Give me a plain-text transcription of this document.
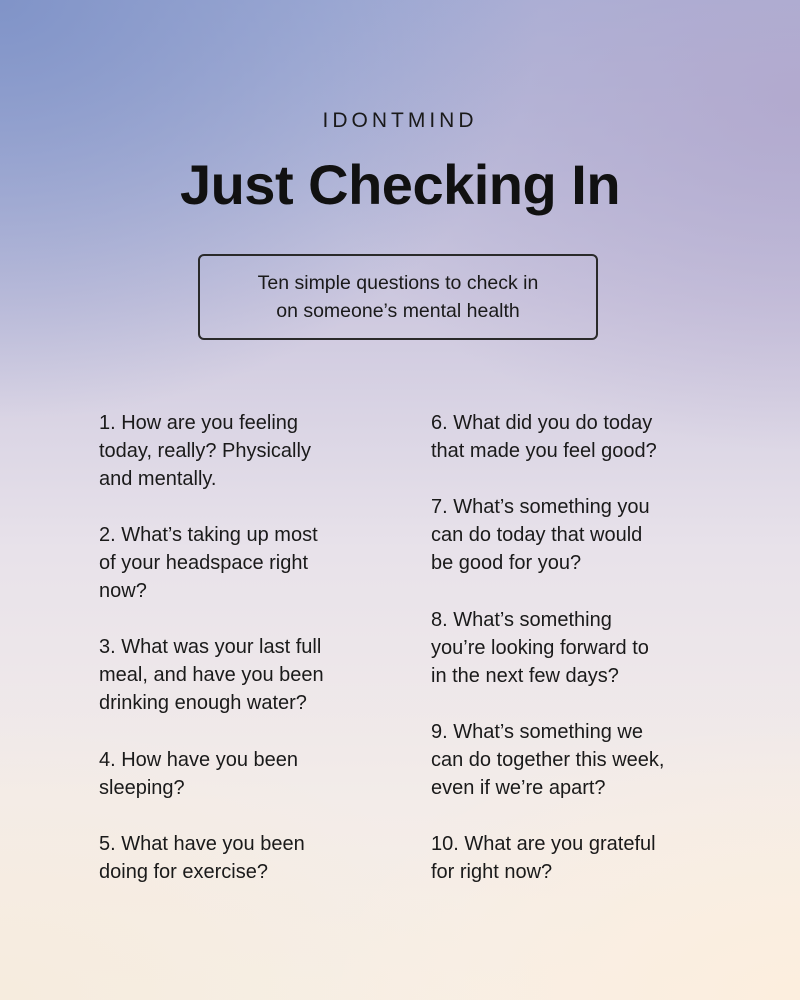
IDONTMIND
Just Checking In
Ten simple questions to check in
on someone’s mental health
1. How are you feeling
today, really? Physically
and mentally.
2. What’s taking up most
of your headspace right
now?
3. What was your last full
meal, and have you been
drinking enough water?
4. How have you been
sleeping?
5. What have you been
doing for exercise?
6. What did you do today
that made you feel good?
7. What’s something you
can do today that would
be good for you?
8. What’s something
you’re looking forward to
in the next few days?
9. What’s something we
can do together this week,
even if we’re apart?
10. What are you grateful
for right now?
